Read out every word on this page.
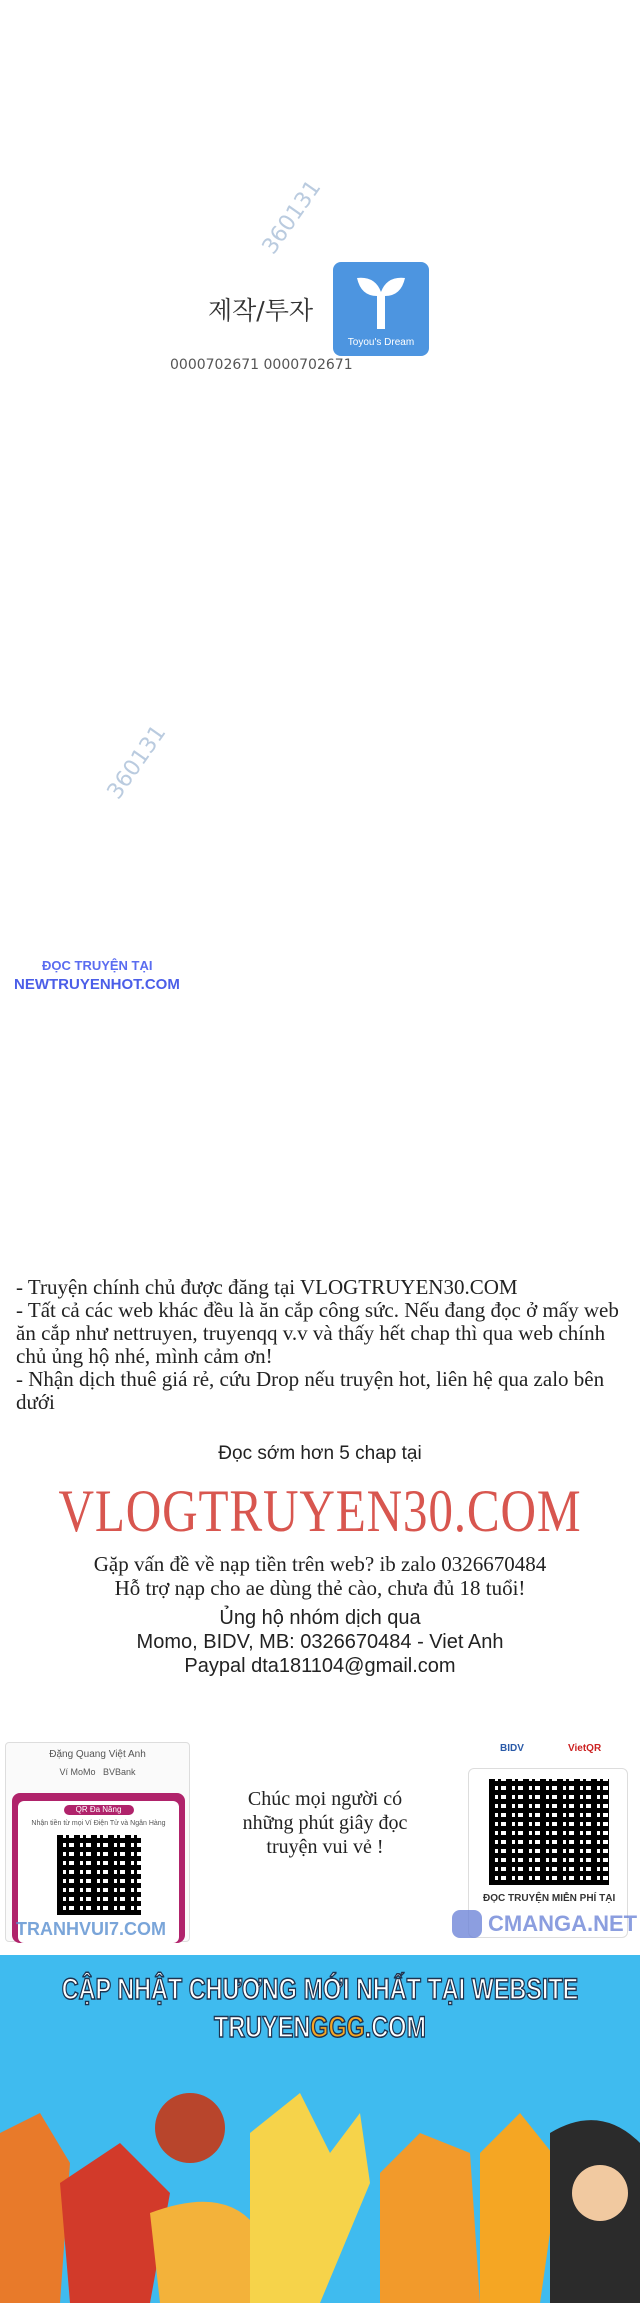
360131
360131
제작/투자
Toyou's Dream
0000702671 0000702671
ĐỌC TRUYỆN TẠI
NEWTRUYENHOT.COM
- Truyện chính chủ được đăng tại VLOGTRUYEN30.COM
- Tất cả các web khác đều là ăn cắp công sức. Nếu đang đọc ở mấy web ăn cắp như nettruyen, truyenqq v.v và thấy hết chap thì qua web chính chủ ủng hộ nhé, mình cảm ơn!
- Nhận dịch thuê giá rẻ, cứu Drop nếu truyện hot, liên hệ qua zalo bên dưới
Đọc sớm hơn 5 chap tại
VLOGTRUYEN30.COM
Gặp vấn đề về nạp tiền trên web? ib zalo 0326670484
Hỗ trợ nạp cho ae dùng thẻ cào, chưa đủ 18 tuổi!
Ủng hộ nhóm dịch qua
Momo, BIDV, MB: 0326670484 - Viet Anh
Paypal dta181104@gmail.com
Đặng Quang Việt Anh
Ví MoMo BVBank
QR Đa Năng
Nhận tiền từ mọi Ví Điện Tử và Ngân Hàng
TRANHVUI7.COM
Chúc mọi người có những phút giây đọc truyện vui vẻ !
BIDV	VietQR
ĐỌC TRUYỆN MIỄN PHÍ TẠI
CMANGA.NET
CẬP NHẬT CHƯƠNG MỚI NHẤT TẠI WEBSITE
TRUYENGGG.COM
